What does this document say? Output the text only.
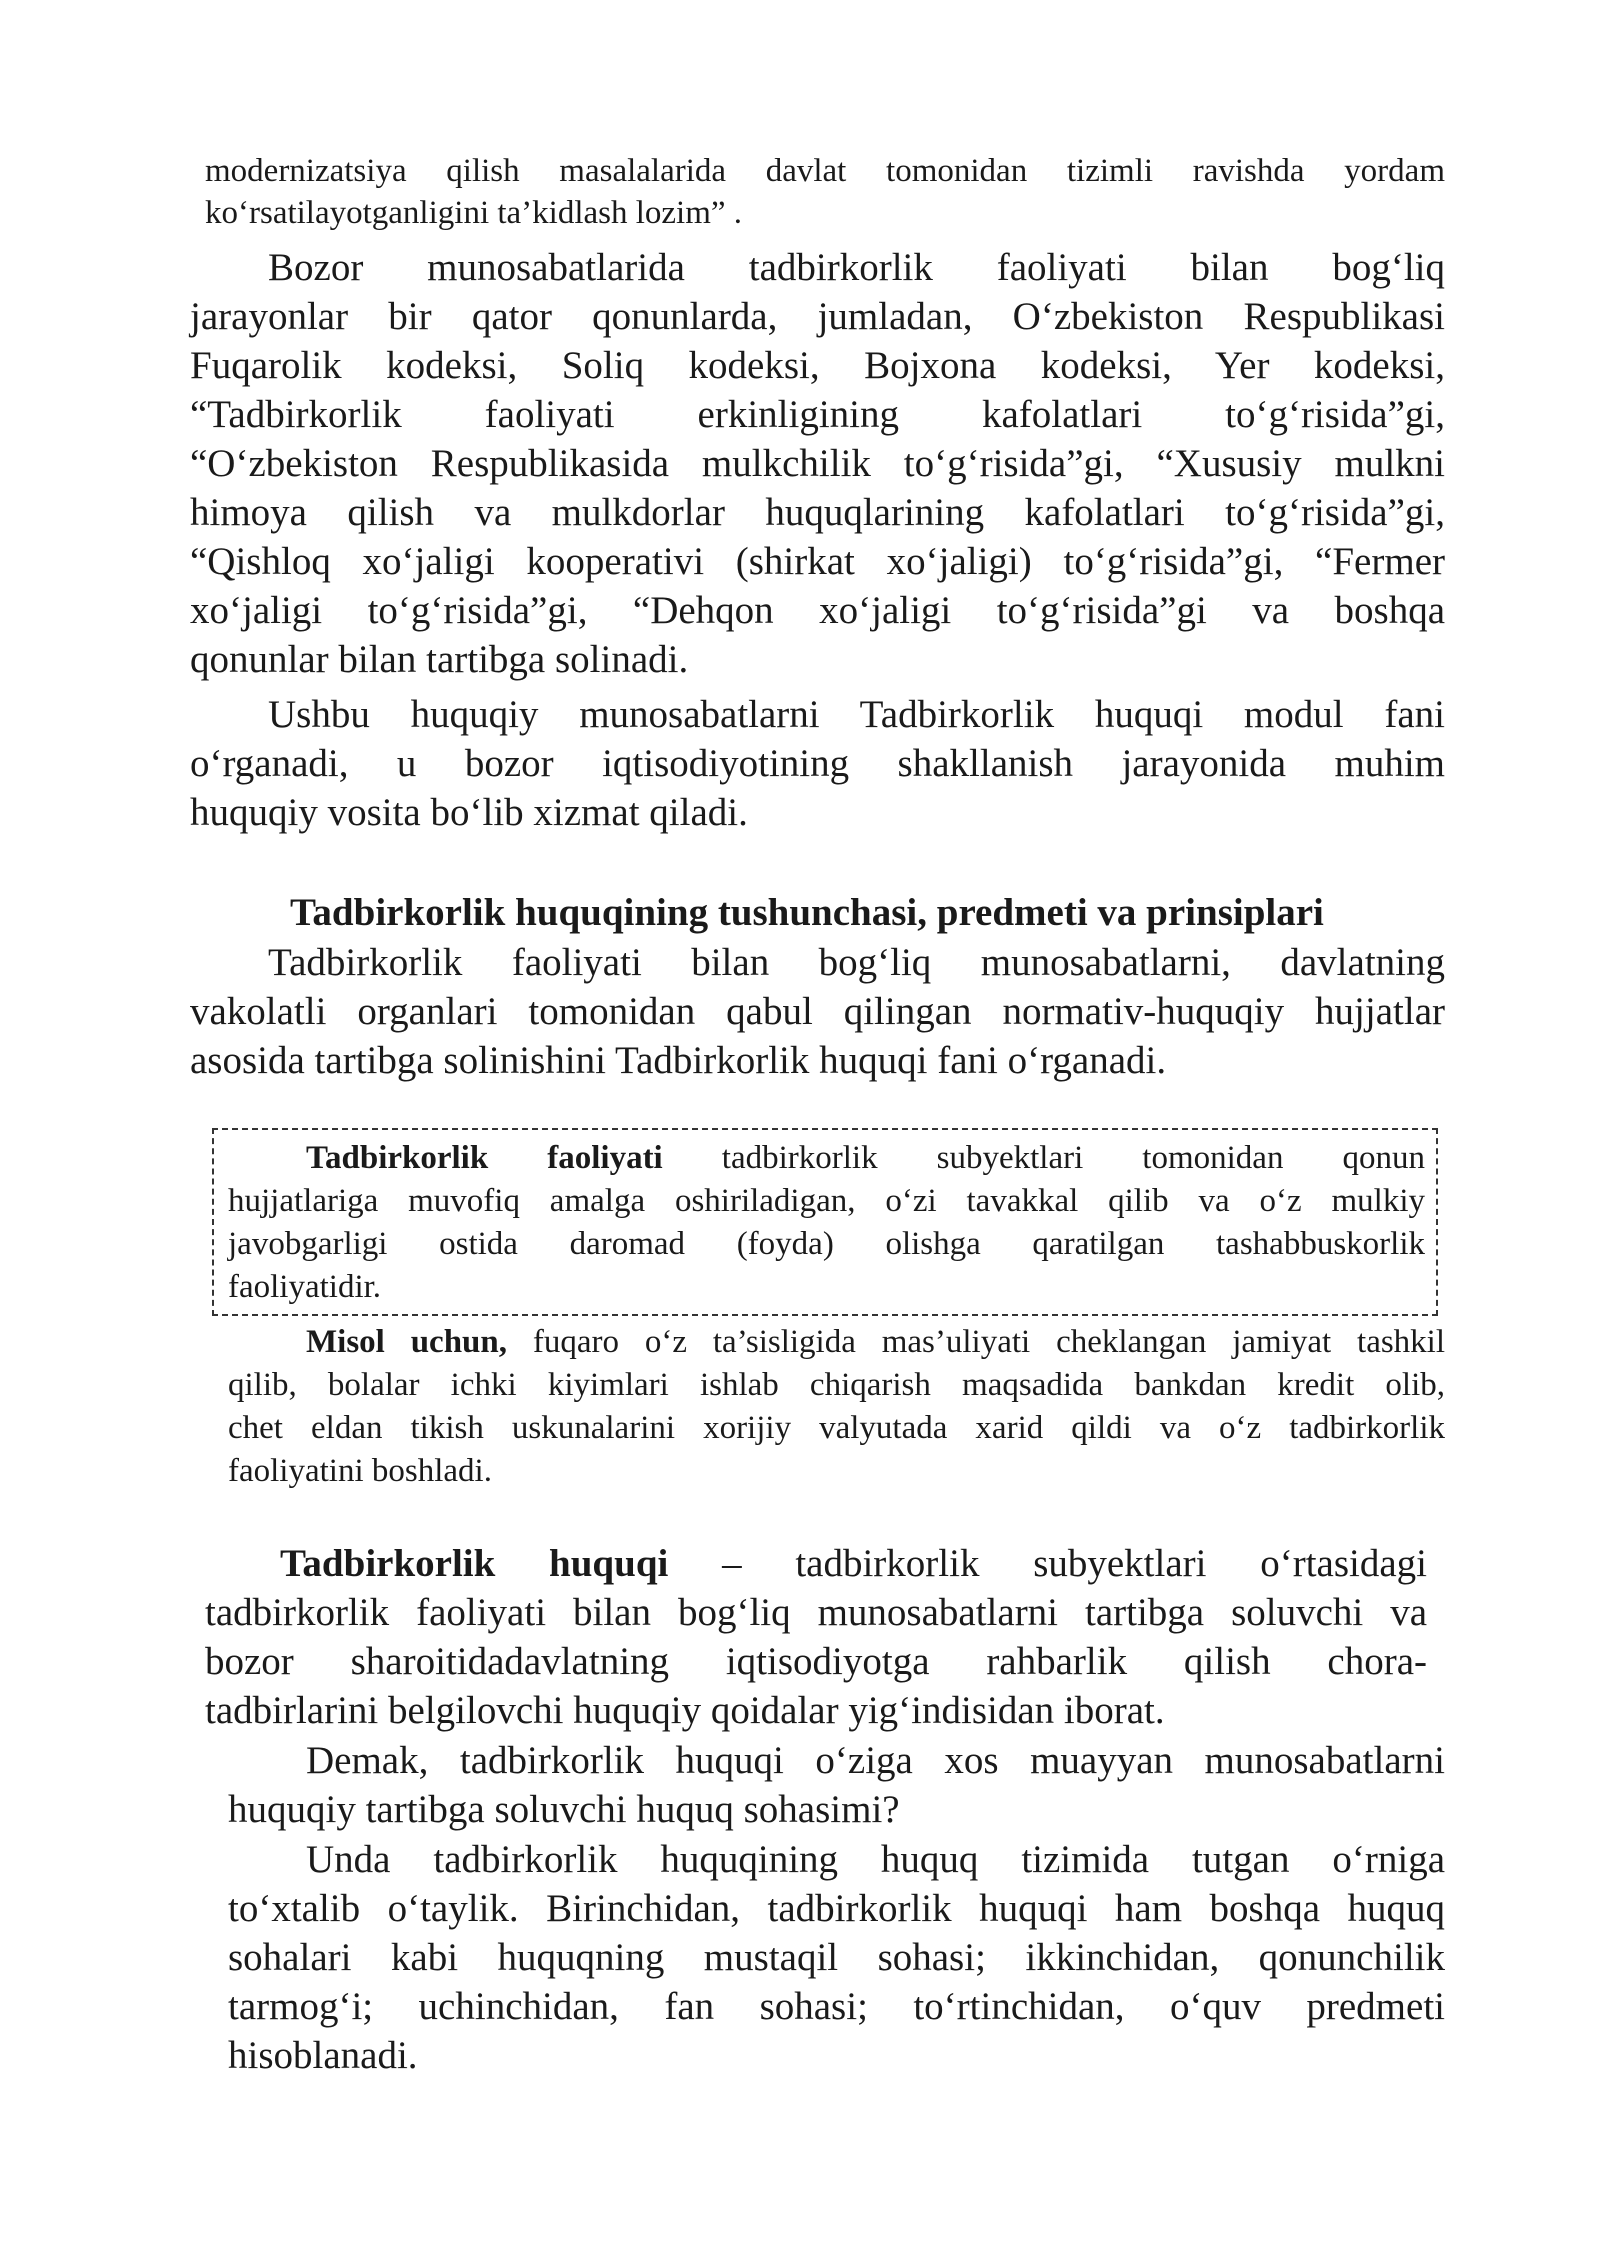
modernizatsiya qilish masalalarida davlat tomonidan tizimli ravishda yordam
ko‘rsatilayotganligini ta’kidlash lozim” .
Bozor munosabatlarida tadbirkorlik faoliyati bilan bog‘liq
jarayonlar bir qator qonunlarda, jumladan, O‘zbekiston Respublikasi
Fuqarolik kodeksi, Soliq kodeksi, Bojxona kodeksi, Yer kodeksi,
“Tadbirkorlik faoliyati erkinligining kafolatlari to‘g‘risida”gi,
“O‘zbekiston Respublikasida mulkchilik to‘g‘risida”gi, “Xususiy mulkni
himoya qilish va mulkdorlar huquqlarining kafolatlari to‘g‘risida”gi,
“Qishloq xo‘jaligi kooperativi (shirkat xo‘jaligi) to‘g‘risida”gi, “Fermer
xo‘jaligi to‘g‘risida”gi, “Dehqon xo‘jaligi to‘g‘risida”gi va boshqa
qonunlar bilan tartibga solinadi.
Ushbu huquqiy munosabatlarni Tadbirkorlik huquqi modul fani
o‘rganadi, u bozor iqtisodiyotining shakllanish jarayonida muhim
huquqiy vosita bo‘lib xizmat qiladi.
Tadbirkorlik huquqining tushunchasi, predmeti va prinsiplari
Tadbirkorlik faoliyati bilan bog‘liq munosabatlarni, davlatning
vakolatli organlari tomonidan qabul qilingan normativ-huquqiy hujjatlar
asosida tartibga solinishini Tadbirkorlik huquqi fani o‘rganadi.
Tadbirkorlik faoliyati tadbirkorlik subyektlari tomonidan qonun
hujjatlariga muvofiq amalga oshiriladigan, o‘zi tavakkal qilib va o‘z mulkiy
javobgarligi ostida daromad (foyda) olishga qaratilgan tashabbuskorlik
faoliyatidir.
Misol uchun, fuqaro o‘z ta’sisligida mas’uliyati cheklangan jamiyat tashkil
qilib, bolalar ichki kiyimlari ishlab chiqarish maqsadida bankdan kredit olib,
chet eldan tikish uskunalarini xorijiy valyutada xarid qildi va o‘z tadbirkorlik
faoliyatini boshladi.
Tadbirkorlik huquqi – tadbirkorlik subyektlari o‘rtasidagi
tadbirkorlik faoliyati bilan bog‘liq munosabatlarni tartibga soluvchi va
bozor sharoitidadavlatning iqtisodiyotga rahbarlik qilish chora-
tadbirlarini belgilovchi huquqiy qoidalar yig‘indisidan iborat.
Demak, tadbirkorlik huquqi o‘ziga xos muayyan munosabatlarni
huquqiy tartibga soluvchi huquq sohasimi?
Unda tadbirkorlik huquqining huquq tizimida tutgan o‘rniga
to‘xtalib o‘taylik. Birinchidan, tadbirkorlik huquqi ham boshqa huquq
sohalari kabi huquqning mustaqil sohasi; ikkinchidan, qonunchilik
tarmog‘i; uchinchidan, fan sohasi; to‘rtinchidan, o‘quv predmeti
hisoblanadi.
